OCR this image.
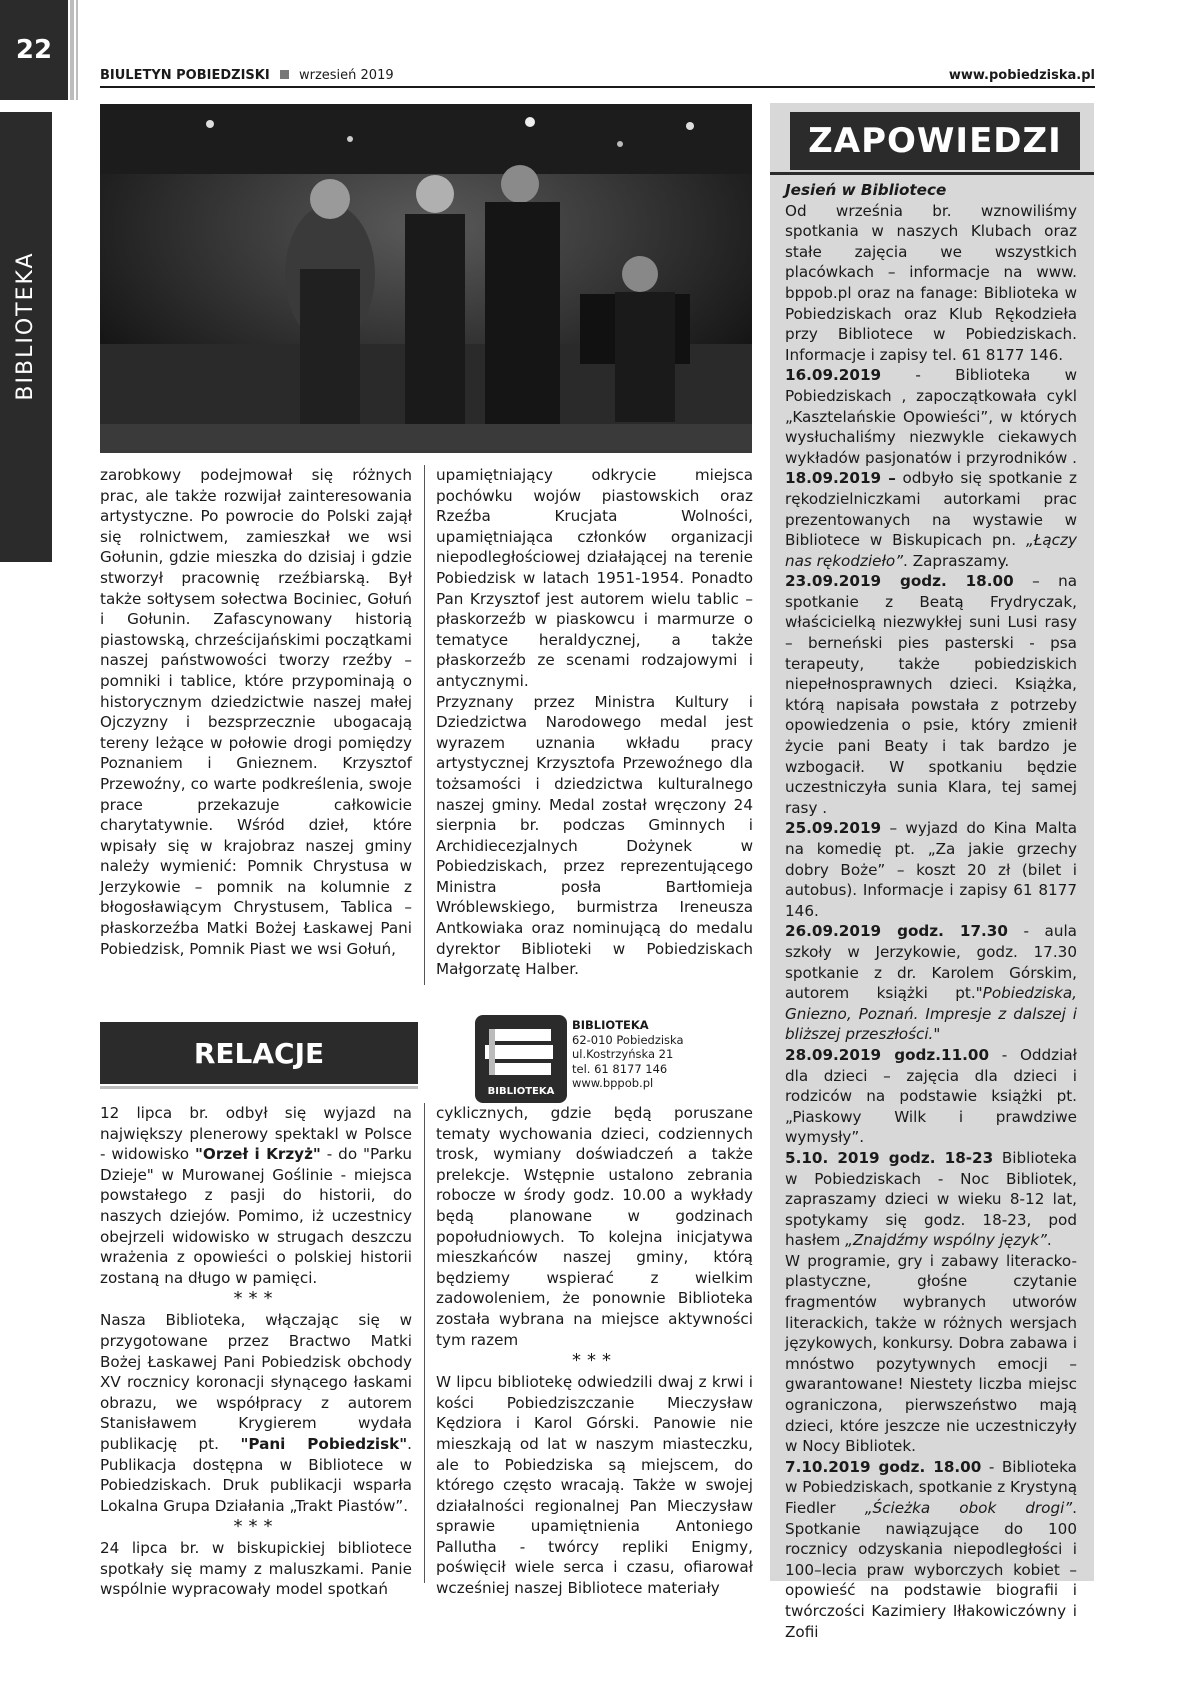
22
BIULETYN POBIEDZISKI wrzesień 2019	www.pobiedziska.pl
BIBLIOTEKA

zarobkowy podejmował się różnych prac, ale także rozwijał zainteresowania artystyczne. Po powrocie do Polski zajął się rolnictwem, zamieszkał we wsi Gołunin, gdzie mieszka do dzisiaj i gdzie stworzył pracownię rzeźbiarską. Był także sołtysem sołectwa Bociniec, Gołuń i Gołunin. Zafascynowany historią piastowską, chrześcijańskimi początkami naszej państwowości tworzy rzeźby – pomniki i tablice, które przypominają o historycznym dziedzictwie naszej małej Ojczyzny i bezsprzecznie ubogacają tereny leżące w połowie drogi pomiędzy Poznaniem i Gnieznem. Krzysztof Przewoźny, co warte podkreślenia, swoje prace przekazuje całkowicie charytatywnie. Wśród dzieł, które wpisały się w krajobraz naszej gminy należy wymienić: Pomnik Chrystusa w Jerzykowie – pomnik na kolumnie z błogosławiącym Chrystusem, Tablica – płaskorzeźba Matki Bożej Łaskawej Pani Pobiedzisk, Pomnik Piast we wsi Gołuń,

upamiętniający odkrycie miejsca pochówku wojów piastowskich oraz Rzeźba Krucjata Wolności, upamiętniająca członków organizacji niepodległościowej działającej na terenie Pobiedzisk w latach 1951-1954. Ponadto Pan Krzysztof jest autorem wielu tablic – płaskorzeźb w piaskowcu i marmurze o tematyce heraldycznej, a także płaskorzeźb ze scenami rodzajowymi i antycznymi.

Przyznany przez Ministra Kultury i Dziedzictwa Narodowego medal jest wyrazem uznania wkładu pracy artystycznej Krzysztofa Przewoźnego dla tożsamości i dziedzictwa kulturalnego naszej gminy. Medal został wręczony 24 sierpnia br. podczas Gminnych i Archidiecezjalnych Dożynek w Pobiedziskach, przez reprezentującego Ministra posła Bartłomieja Wróblewskiego, burmistrza Ireneusza Antkowiaka oraz nominującą do medalu dyrektor Biblioteki w Pobiedziskach Małgorzatę Halber.

RELACJE
BIBLIOTEKA
BIBLIOTEKA
62-010 Pobiedziska
ul.Kostrzyńska 21
tel. 61 8177 146
www.bppob.pl

12 lipca br. odbył się wyjazd na największy plenerowy spektakl w Polsce - widowisko "Orzeł i Krzyż" - do "Parku Dzieje" w Murowanej Goślinie - miejsca powstałego z pasji do historii, do naszych dziejów. Pomimo, iż uczestnicy obejrzeli widowisko w strugach deszczu wrażenia z opowieści o polskiej historii zostaną na długo w pamięci.

***

Nasza Biblioteka, włączając się w przygotowane przez Bractwo Matki Bożej Łaskawej Pani Pobiedzisk obchody XV rocznicy koronacji słynącego łaskami obrazu, we współpracy z autorem Stanisławem Krygierem wydała publikację pt. "Pani Pobiedzisk". Publikacja dostępna w Bibliotece w Pobiedziskach. Druk publikacji wsparła Lokalna Grupa Działania „Trakt Piastów”.

***

24 lipca br. w biskupickiej bibliotece spotkały się mamy z maluszkami. Panie wspólnie wypracowały model spotkań

cyklicznych, gdzie będą poruszane tematy wychowania dzieci, codziennych trosk, wymiany doświadczeń a także prelekcje. Wstępnie ustalono zebrania robocze w środy godz. 10.00 a wykłady będą planowane w godzinach popołudniowych. To kolejna inicjatywa mieszkańców naszej gminy, którą będziemy wspierać z wielkim zadowoleniem, że ponownie Biblioteka została wybrana na miejsce aktywności tym razem

***

W lipcu bibliotekę odwiedzili dwaj z krwi i kości Pobiedziszczanie Mieczysław Kędziora i Karol Górski. Panowie nie mieszkają od lat w naszym miasteczku, ale to Pobiedziska są miejscem, do którego często wracają. Także w swojej działalności regionalnej Pan Mieczysław sprawie upamiętnienia Antoniego Pallutha - twórcy repliki Enigmy, poświęcił wiele serca i czasu, ofiarował wcześniej naszej Bibliotece materiały

ZAPOWIEDZI

Jesień w Bibliotece

Od września br. wznowiliśmy spotkania w naszych Klubach oraz stałe zajęcia we wszystkich placówkach – informacje na www. bppob.pl oraz na fanage: Biblioteka w Pobiedziskach oraz Klub Rękodzieła przy Bibliotece w Pobiedziskach. Informacje i zapisy tel. 61 8177 146.

16.09.2019 - Biblioteka w Pobiedziskach , zapoczątkowała cykl „Kasztelańskie Opowieści”, w których wysłuchaliśmy niezwykle ciekawych wykładów pasjonatów i przyrodników .

18.09.2019 – odbyło się spotkanie z rękodzielniczkami autorkami prac prezentowanych na wystawie w Bibliotece w Biskupicach pn. „Łączy nas rękodzieło”. Zapraszamy.

23.09.2019 godz. 18.00 – na spotkanie z Beatą Frydryczak, właścicielką niezwykłej suni Lusi rasy – berneński pies pasterski - psa terapeuty, także pobiedziskich niepełnosprawnych dzieci. Książka, którą napisała powstała z potrzeby opowiedzenia o psie, który zmienił życie pani Beaty i tak bardzo je wzbogacił. W spotkaniu będzie uczestniczyła sunia Klara, tej samej rasy .

25.09.2019 – wyjazd do Kina Malta na komedię pt. „Za jakie grzechy dobry Boże” – koszt 20 zł (bilet i autobus). Informacje i zapisy 61 8177 146.

26.09.2019 godz. 17.30 - aula szkoły w Jerzykowie, godz. 17.30 spotkanie z dr. Karolem Górskim, autorem książki pt."Pobiedziska, Gniezno, Poznań. Impresje z dalszej i bliższej przeszłości."

28.09.2019 godz.11.00 - Oddział dla dzieci – zajęcia dla dzieci i rodziców na podstawie książki pt. „Piaskowy Wilk i prawdziwe wymysły”.

5.10. 2019 godz. 18-23 Biblioteka w Pobiedziskach - Noc Bibliotek, zapraszamy dzieci w wieku 8-12 lat, spotykamy się godz. 18-23, pod hasłem „Znajdźmy wspólny język”.

W programie, gry i zabawy literacko-plastyczne, głośne czytanie fragmentów wybranych utworów literackich, także w różnych wersjach językowych, konkursy. Dobra zabawa i mnóstwo pozytywnych emocji – gwarantowane! Niestety liczba miejsc ograniczona, pierwszeństwo mają dzieci, które jeszcze nie uczestniczyły w Nocy Bibliotek.

7.10.2019 godz. 18.00 - Biblioteka w Pobiedziskach, spotkanie z Krystyną Fiedler „Ścieżka obok drogi”. Spotkanie nawiązujące do 100 rocznicy odzyskania niepodległości i 100–lecia praw wyborczych kobiet – opowieść na podstawie biografii i twórczości Kazimiery Iłłakowiczówny i Zofii
